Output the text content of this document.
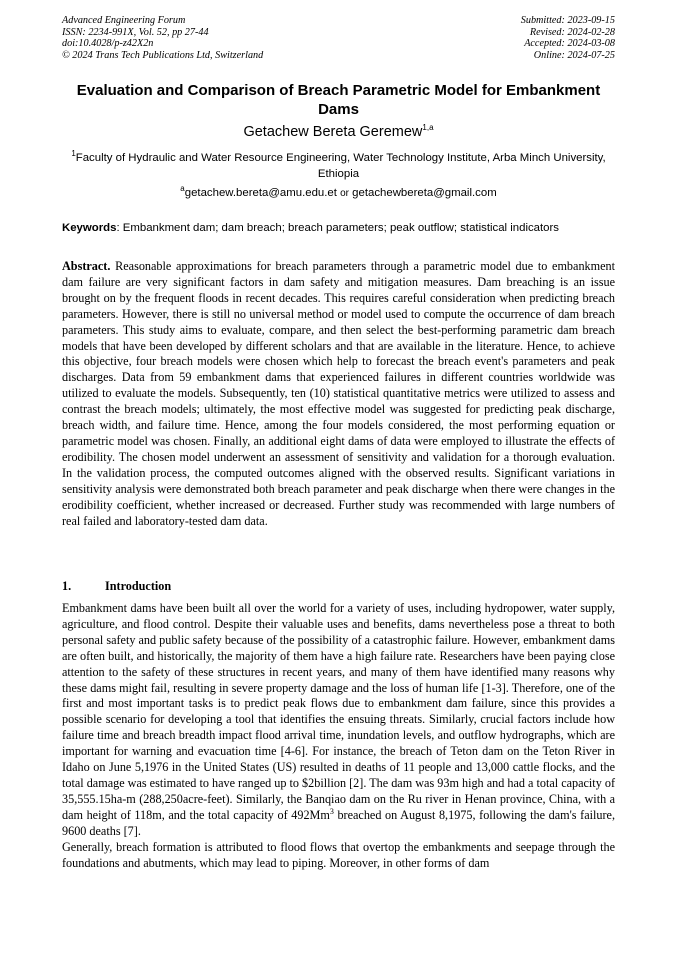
Advanced Engineering Forum
ISSN: 2234-991X, Vol. 52, pp 27-44
doi:10.4028/p-z42X2n
© 2024 Trans Tech Publications Ltd, Switzerland
Submitted: 2023-09-15
Revised: 2024-02-28
Accepted: 2024-03-08
Online: 2024-07-25
Evaluation and Comparison of Breach Parametric Model for Embankment Dams
Getachew Bereta Geremew$^{1,a}$
$^1$Faculty of Hydraulic and Water Resource Engineering, Water Technology Institute, Arba Minch University, Ethiopia
$^a$getachew.bereta@amu.edu.et or getachewbereta@gmail.com
Keywords: Embankment dam; dam breach; breach parameters; peak outflow; statistical indicators
Abstract. Reasonable approximations for breach parameters through a parametric model due to embankment dam failure are very significant factors in dam safety and mitigation measures. Dam breaching is an issue brought on by the frequent floods in recent decades. This requires careful consideration when predicting breach parameters. However, there is still no universal method or model used to compute the occurrence of dam breach parameters. This study aims to evaluate, compare, and then select the best-performing parametric dam breach models that have been developed by different scholars and that are available in the literature. Hence, to achieve this objective, four breach models were chosen which help to forecast the breach event's parameters and peak discharges. Data from 59 embankment dams that experienced failures in different countries worldwide was utilized to evaluate the models. Subsequently, ten (10) statistical quantitative metrics were utilized to assess and contrast the breach models; ultimately, the most effective model was suggested for predicting peak discharge, breach width, and failure time. Hence, among the four models considered, the most performing equation or parametric model was chosen. Finally, an additional eight dams of data were employed to illustrate the effects of erodibility. The chosen model underwent an assessment of sensitivity and validation for a thorough evaluation. In the validation process, the computed outcomes aligned with the observed results. Significant variations in sensitivity analysis were demonstrated both breach parameter and peak discharge when there were changes in the erodibility coefficient, whether increased or decreased. Further study was recommended with large numbers of real failed and laboratory-tested dam data.
1.	Introduction

Embankment dams have been built all over the world for a variety of uses, including hydropower, water supply, agriculture, and flood control. Despite their valuable uses and benefits, dams nevertheless pose a threat to both personal safety and public safety because of the possibility of a catastrophic failure. However, embankment dams are often built, and historically, the majority of them have a high failure rate. Researchers have been paying close attention to the safety of these structures in recent years, and many of them have identified many reasons why these dams might fail, resulting in severe property damage and the loss of human life [1-3]. Therefore, one of the first and most important tasks is to predict peak flows due to embankment dam failure, since this provides a possible scenario for developing a tool that identifies the ensuing threats. Similarly, crucial factors include how failure time and breach breadth impact flood arrival time, inundation levels, and outflow hydrographs, which are important for warning and evacuation time [4-6]. For instance, the breach of Teton dam on the Teton River in Idaho on June 5,1976 in the United States (US) resulted in deaths of 11 people and 13,000 cattle flocks, and the total damage was estimated to have ranged up to $2billion [2]. The dam was 93m high and had a total capacity of 35,555.15ha-m (288,250acre-feet). Similarly, the Banqiao dam on the Ru river in Henan province, China, with a dam height of 118m, and the total capacity of 492Mm$^3$ breached on August 8,1975, following the dam's failure, 9600 deaths [7].

Generally, breach formation is attributed to flood flows that overtop the embankments and seepage through the foundations and abutments, which may lead to piping. Moreover, in other forms of dam
